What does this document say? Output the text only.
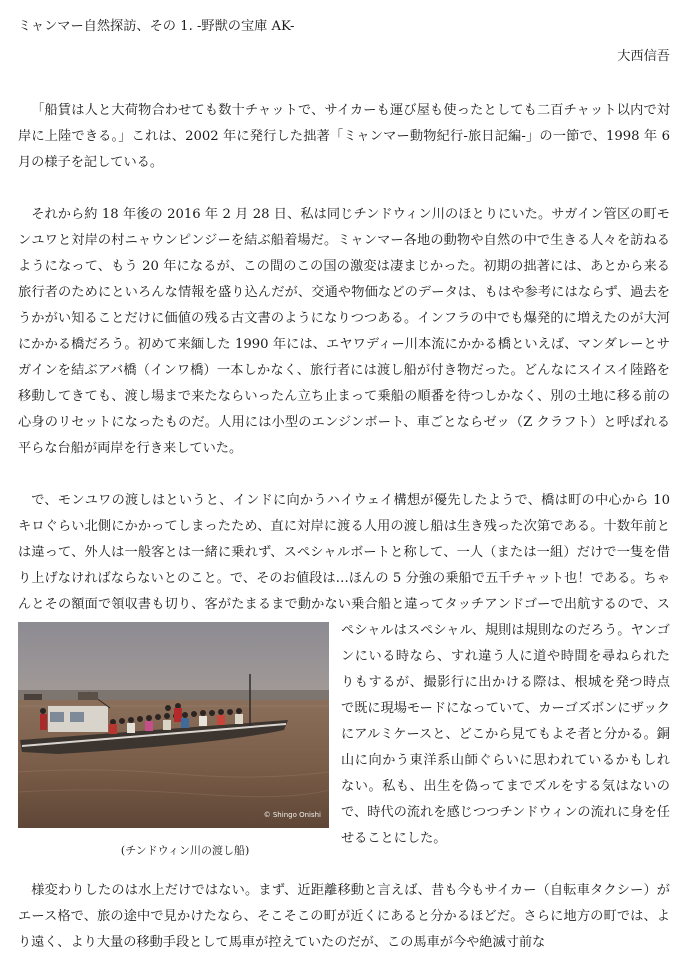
ミャンマー自然探訪、その 1. -野獣の宝庫 AK-
大西信吾

「船賃は人と大荷物合わせても数十チャットで、サイカーも運び屋も使ったとしても二百チャット以内で対岸に上陸できる。」これは、2002 年に発行した拙著「ミャンマー動物紀行-旅日記編-」の一節で、1998 年 6 月の様子を記している。

それから約 18 年後の 2016 年 2 月 28 日、私は同じチンドウィン川のほとりにいた。サガイン管区の町モンユワと対岸の村ニャウンピンジーを結ぶ船着場だ。ミャンマー各地の動物や自然の中で生きる人々を訪ねるようになって、もう 20 年になるが、この間のこの国の激変は凄まじかった。初期の拙著には、あとから来る旅行者のためにといろんな情報を盛り込んだが、交通や物価などのデータは、もはや参考にはならず、過去をうかがい知ることだけに価値の残る古文書のようになりつつある。インフラの中でも爆発的に増えたのが大河にかかる橋だろう。初めて来緬した 1990 年には、エヤワディー川本流にかかる橋といえば、マンダレーとサガインを結ぶアバ橋（インワ橋）一本しかなく、旅行者には渡し船が付き物だった。どんなにスイスイ陸路を移動してきても、渡し場まで来たならいったん立ち止まって乗船の順番を待つしかなく、別の土地に移る前の心身のリセットになったものだ。人用には小型のエンジンボート、車ごとならゼッ（Z クラフト）と呼ばれる平らな台船が両岸を行き来していた。

で、モンユワの渡しはというと、インドに向かうハイウェイ構想が優先したようで、橋は町の中心から 10 キロぐらい北側にかかってしまったため、直に対岸に渡る人用の渡し船は生き残った次第である。十数年前とは違って、外人は一般客とは一緒に乗れず、スペシャルボートと称して、一人（または一組）だけで一隻を借り上げなければならないとのこと。で、そのお値段は…ほんの 5 分強の乗船で五千チャット也！である。ちゃんとその額面で領収書も切り、客がたまるまで動かない乗合船と違ってタッチア
© Shingo Onishi
(チンドウィン川の渡し船)
ンドゴーで出航するので、スペシャルはスペシャル、規則は規則なのだろう。ヤンゴンにいる時なら、すれ違う人に道や時間を尋ねられたりもするが、撮影行に出かける際は、根城を発つ時点で既に現場モードになっていて、カーゴズボンにザックにアルミケースと、どこから見てもよそ者と分かる。銅山に向かう東洋系山師ぐらいに思われているかもしれない。私も、出生を偽ってまでズルをする気はないので、時代の流れを感じつつチンドウィンの流れに身を任せることにした。

様変わりしたのは水上だけではない。まず、近距離移動と言えば、昔も今もサイカー（自転車タクシー）がエース格で、旅の途中で見かけたなら、そこそこの町が近くにあると分かるほどだ。さらに地方の町では、より遠く、より大量の移動手段として馬車が控えていたのだが、この馬車が今や絶滅寸前な
